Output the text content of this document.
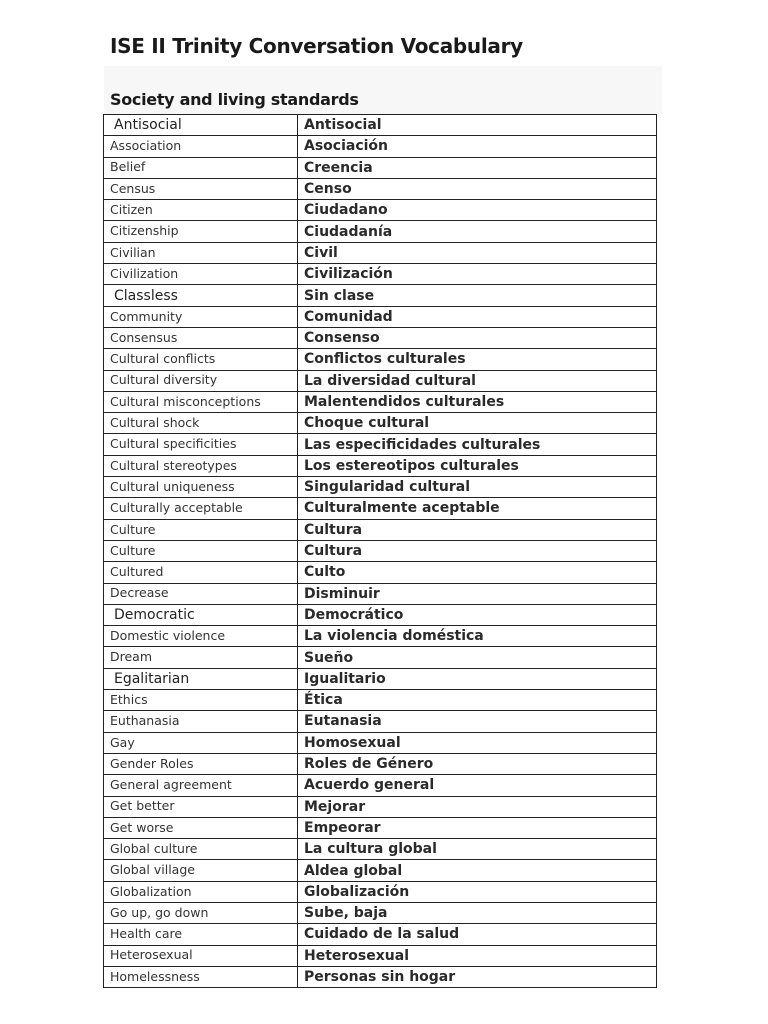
ISE II Trinity Conversation Vocabulary
Society and living standards
Antisocial	Antisocial
Association	Asociación
Belief	Creencia
Census	Censo
Citizen	Ciudadano
Citizenship	Ciudadanía
Civilian	Civil
Civilization	Civilización
Classless	Sin clase
Community	Comunidad
Consensus	Consenso
Cultural conflicts	Conflictos culturales
Cultural diversity	La diversidad cultural
Cultural misconceptions	Malentendidos culturales
Cultural shock	Choque cultural
Cultural specificities	Las especificidades culturales
Cultural stereotypes	Los estereotipos culturales
Cultural uniqueness	Singularidad cultural
Culturally acceptable	Culturalmente aceptable
Culture	Cultura
Culture	Cultura
Cultured	Culto
Decrease	Disminuir
Democratic	Democrático
Domestic violence	La violencia doméstica
Dream	Sueño
Egalitarian	Igualitario
Ethics	Ética
Euthanasia	Eutanasia
Gay	Homosexual
Gender Roles	Roles de Género
General agreement	Acuerdo general
Get better	Mejorar
Get worse	Empeorar
Global culture	La cultura global
Global village	Aldea global
Globalization	Globalización
Go up, go down	Sube, baja
Health care	Cuidado de la salud
Heterosexual	Heterosexual
Homelessness	Personas sin hogar
